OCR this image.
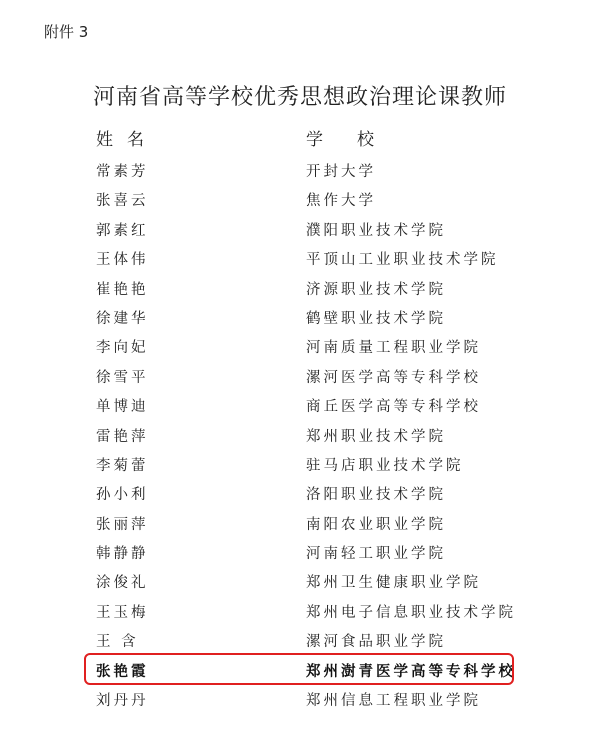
附件 3
河南省高等学校优秀思想政治理论课教师
姓名	学校
常素芳	开封大学
张喜云	焦作大学
郭素红	濮阳职业技术学院
王体伟	平顶山工业职业技术学院
崔艳艳	济源职业技术学院
徐建华	鹤壁职业技术学院
李向妃	河南质量工程职业学院
徐雪平	漯河医学高等专科学校
单博迪	商丘医学高等专科学校
雷艳萍	郑州职业技术学院
李菊蕾	驻马店职业技术学院
孙小利	洛阳职业技术学院
张丽萍	南阳农业职业学院
韩静静	河南轻工职业学院
涂俊礼	郑州卫生健康职业学院
王玉梅	郑州电子信息职业技术学院
王 含	漯河食品职业学院
张艳霞	郑州澍青医学高等专科学校
刘丹丹	郑州信息工程职业学院
